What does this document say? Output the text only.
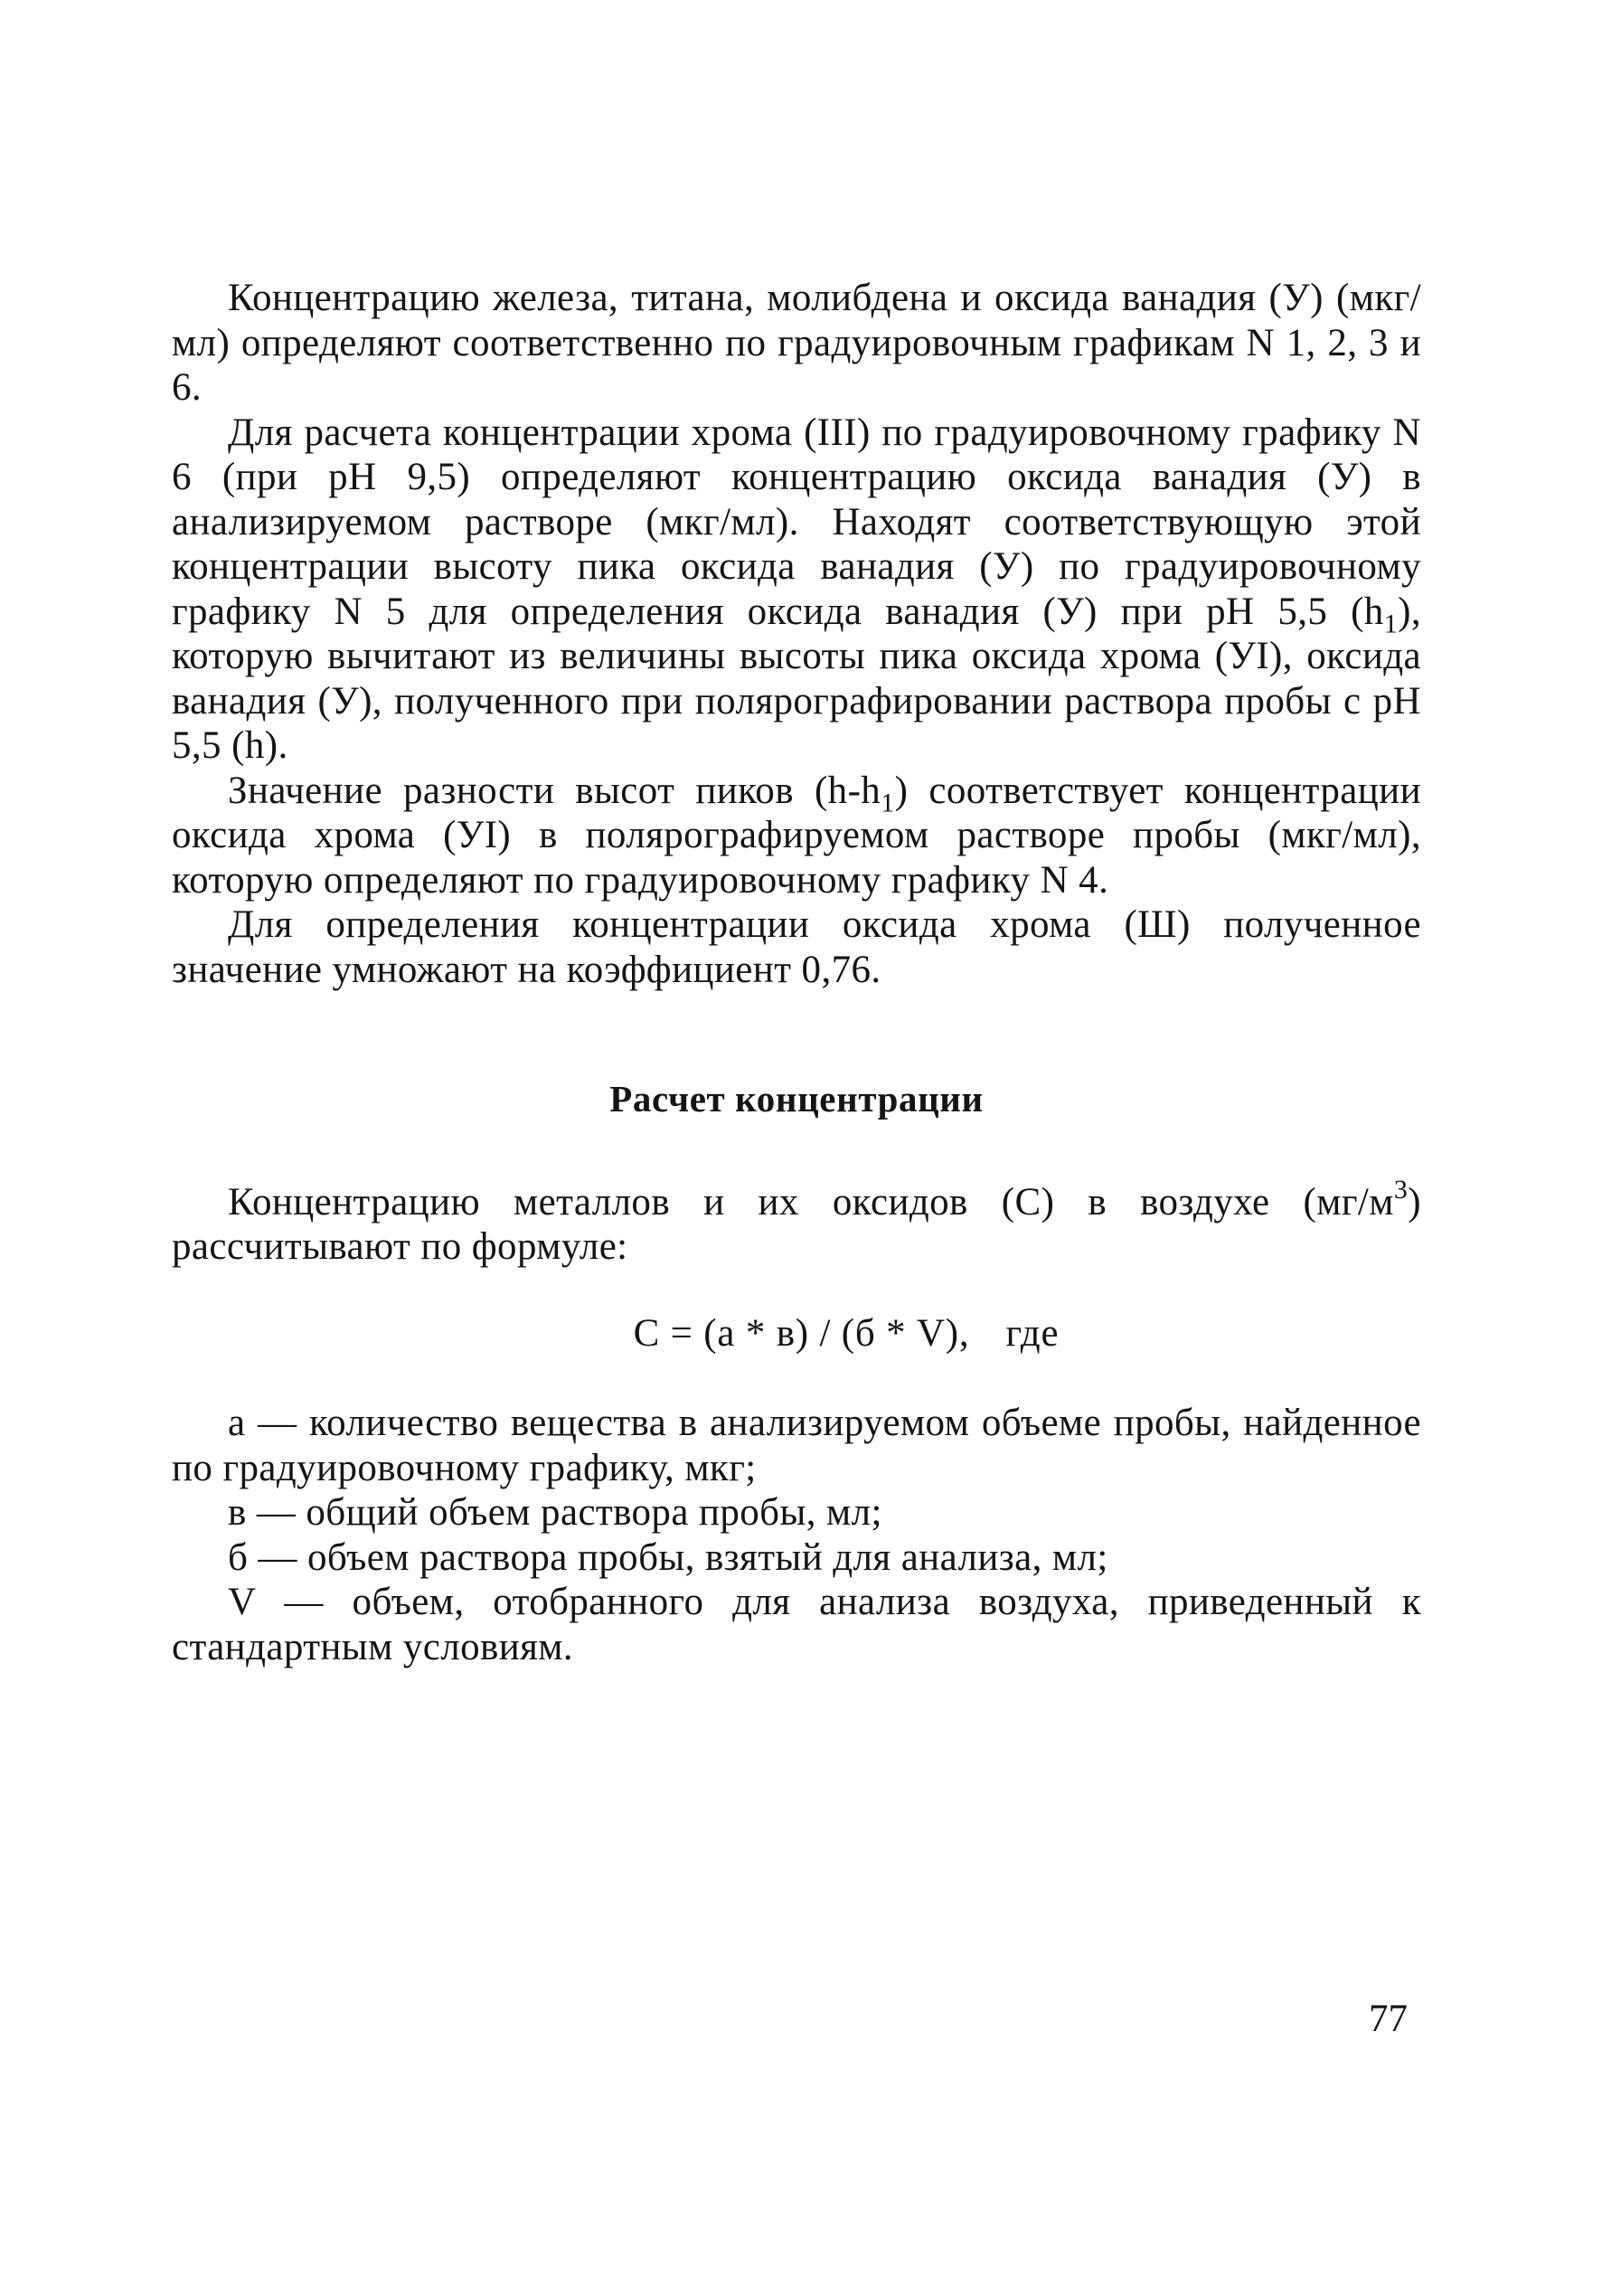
Концентрацию железа, титана, молибдена и оксида ванадия (У) (мкг/мл) определяют соответственно по градуировочным графикам N 1, 2, 3 и 6.

Для расчета концентрации хрома (III) по градуировочному графику N 6 (при pH 9,5) определяют концентрацию оксида ванадия (У) в анализируемом растворе (мкг/мл). Находят соответствующую этой концентрации высоту пика оксида ванадия (У) по градуировочному графику N 5 для определения оксида ванадия (У) при pH 5,5 $(h_1)$, которую вычитают из величины высоты пика оксида хрома (УI), оксида ванадия (У), полученного при полярографировании раствора пробы с pH 5,5 (h).

Значение разности высот пиков $(h-h_1)$ соответствует концентрации оксида хрома (УI) в полярографируемом растворе пробы (мкг/мл), которую определяют по градуировочному графику N 4.

Для определения концентрации оксида хрома (Ш) полученное значение умножают на коэффициент 0,76.

Расчет концентрации

Концентрацию металлов и их оксидов (С) в воздухе $(мг/м^3)$ рассчитывают по формуле:

С = (а * в) / (б * V), где

а — количество вещества в анализируемом объеме пробы, найденное по градуировочному графику, мкг;

в — общий объем раствора пробы, мл;

б — объем раствора пробы, взятый для анализа, мл;

V — объем, отобранного для анализа воздуха, приведенный к стандартным условиям.

77
